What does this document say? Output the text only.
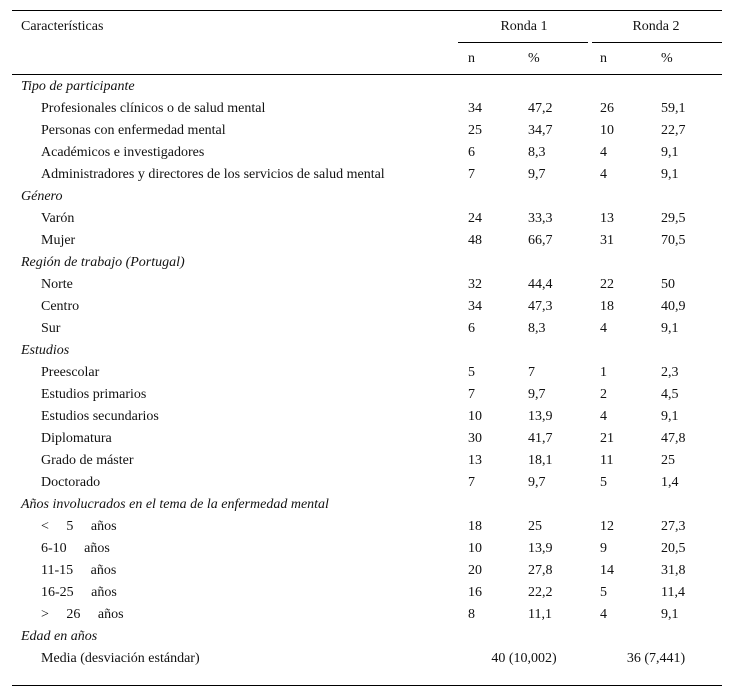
Características	Ronda 1	Ronda 2
n	%	n	%
Tipo de participante
Profesionales clínicos o de salud mental	34	47,2	26	59,1
Personas con enfermedad mental	25	34,7	10	22,7
Académicos e investigadores	6	8,3	4	9,1
Administradores y directores de los servicios de salud mental	7	9,7	4	9,1
Género
Varón	24	33,3	13	29,5
Mujer	48	66,7	31	70,5
Región de trabajo (Portugal)
Norte	32	44,4	22	50
Centro	34	47,3	18	40,9
Sur	6	8,3	4	9,1
Estudios
Preescolar	5	7	1	2,3
Estudios primarios	7	9,7	2	4,5
Estudios secundarios	10	13,9	4	9,1
Diplomatura	30	41,7	21	47,8
Grado de máster	13	18,1	11	25
Doctorado	7	9,7	5	1,4
Años involucrados en el tema de la enfermedad mental
<     5     años	18	25	12	27,3
6-10     años	10	13,9	9	20,5
11-15     años	20	27,8	14	31,8
16-25     años	16	22,2	5	11,4
>     26     años	8	11,1	4	9,1
Edad en años
Media (desviación estándar)	40 (10,002)	36 (7,441)
